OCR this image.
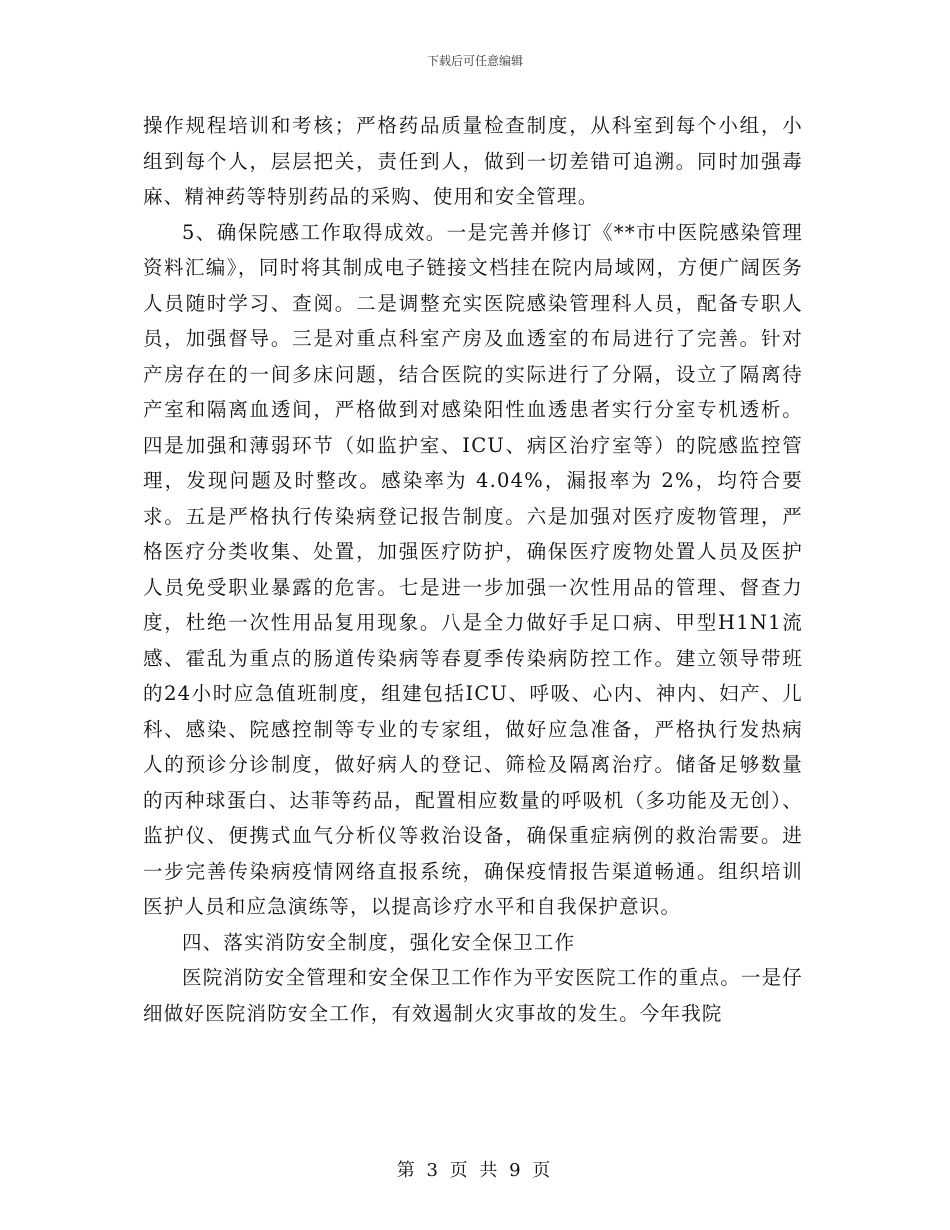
下载后可任意编辑

操作规程培训和考核；严格药品质量检查制度，从科室到每个小组，小组到每个人，层层把关，责任到人，做到一切差错可追溯。同时加强毒麻、精神药等特别药品的采购、使用和安全管理。

5、确保院感工作取得成效。一是完善并修订《**市中医院感染管理资料汇编》，同时将其制成电子链接文档挂在院内局域网，方便广阔医务人员随时学习、查阅。二是调整充实医院感染管理科人员，配备专职人员，加强督导。三是对重点科室产房及血透室的布局进行了完善。针对产房存在的一间多床问题，结合医院的实际进行了分隔，设立了隔离待产室和隔离血透间，严格做到对感染阳性血透患者实行分室专机透析。四是加强和薄弱环节（如监护室、ICU、病区治疗室等）的院感监控管理，发现问题及时整改。感染率为 4.04%，漏报率为 2%，均符合要求。五是严格执行传染病登记报告制度。六是加强对医疗废物管理，严格医疗分类收集、处置，加强医疗防护，确保医疗废物处置人员及医护人员免受职业暴露的危害。七是进一步加强一次性用品的管理、督查力度，杜绝一次性用品复用现象。八是全力做好手足口病、甲型H1N1流感、霍乱为重点的肠道传染病等春夏季传染病防控工作。建立领导带班的24小时应急值班制度，组建包括ICU、呼吸、心内、神内、妇产、儿科、感染、院感控制等专业的专家组，做好应急准备，严格执行发热病人的预诊分诊制度，做好病人的登记、筛检及隔离治疗。储备足够数量的丙种球蛋白、达菲等药品，配置相应数量的呼吸机（多功能及无创）、监护仪、便携式血气分析仪等救治设备，确保重症病例的救治需要。进一步完善传染病疫情网络直报系统，确保疫情报告渠道畅通。组织培训医护人员和应急演练等，以提高诊疗水平和自我保护意识。

四、落实消防安全制度，强化安全保卫工作

医院消防安全管理和安全保卫工作作为平安医院工作的重点。一是仔细做好医院消防安全工作，有效遏制火灾事故的发生。今年我院

第 3 页 共 9 页
